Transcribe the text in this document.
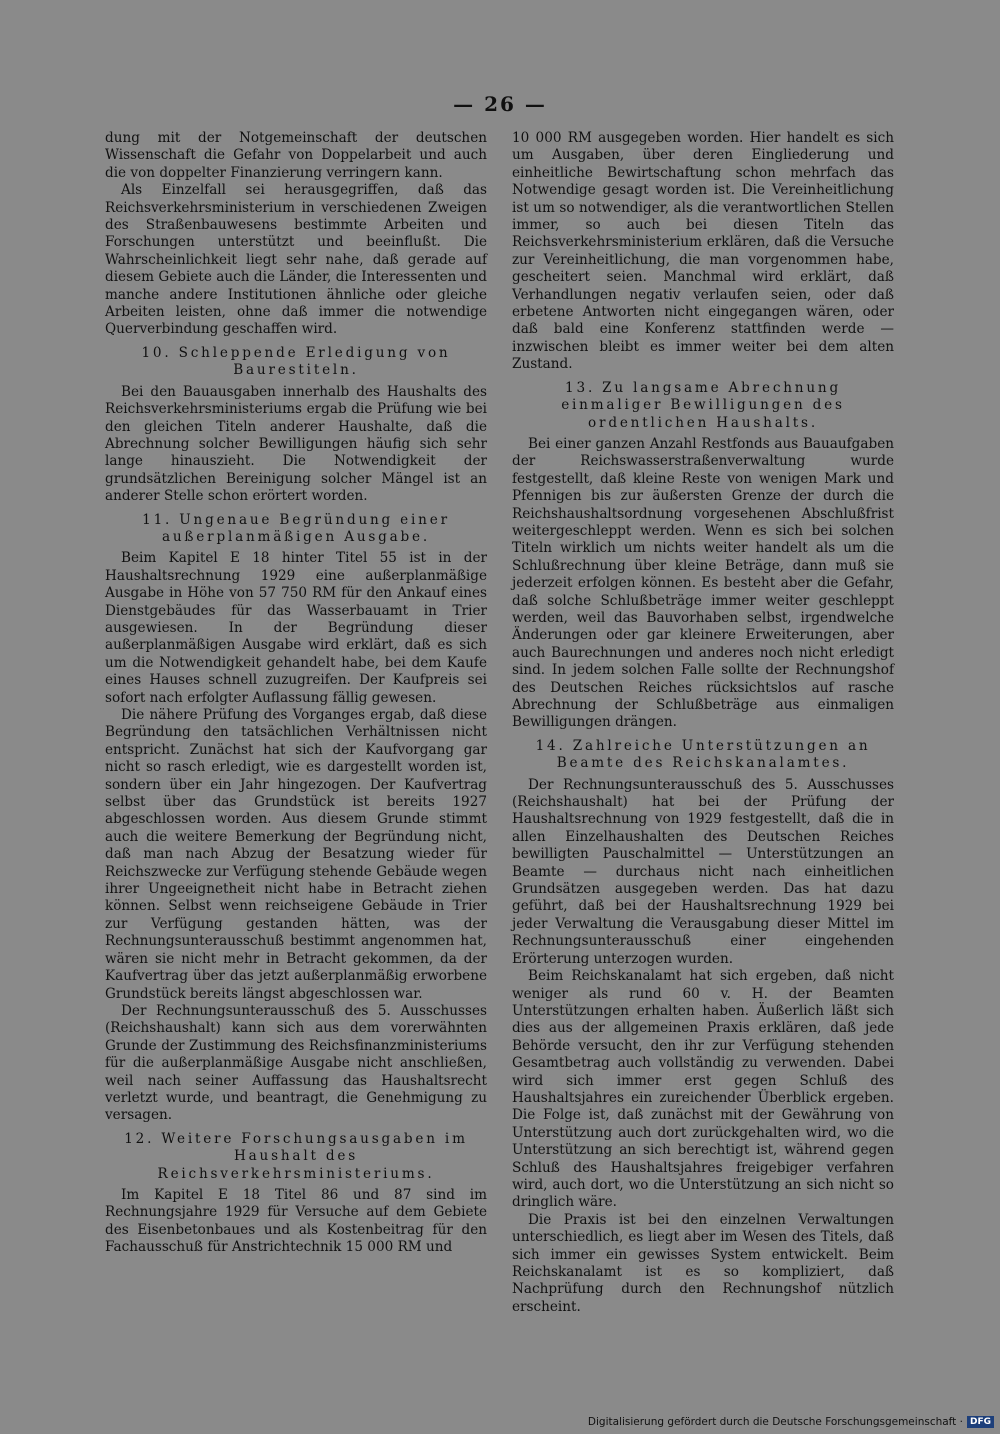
— 26 —

dung mit der Notgemeinschaft der deutschen Wissenschaft die Gefahr von Doppelarbeit und auch die von doppelter Finanzierung verringern kann.

Als Einzelfall sei herausgegriffen, daß das Reichsverkehrsministerium in verschiedenen Zweigen des Straßenbauwesens bestimmte Arbeiten und Forschungen unterstützt und beeinflußt. Die Wahrscheinlichkeit liegt sehr nahe, daß gerade auf diesem Gebiete auch die Länder, die Interessenten und manche andere Institutionen ähnliche oder gleiche Arbeiten leisten, ohne daß immer die notwendige Querverbindung geschaffen wird.

10. Schleppende Erledigung von Baurestiteln.

Bei den Bauausgaben innerhalb des Haushalts des Reichsverkehrsministeriums ergab die Prüfung wie bei den gleichen Titeln anderer Haushalte, daß die Abrechnung solcher Bewilligungen häufig sich sehr lange hinauszieht. Die Notwendigkeit der grundsätzlichen Bereinigung solcher Mängel ist an anderer Stelle schon erörtert worden.

11. Ungenaue Begründung einer außerplanmäßigen Ausgabe.

Beim Kapitel E 18 hinter Titel 55 ist in der Haushaltsrechnung 1929 eine außerplanmäßige Ausgabe in Höhe von 57 750 RM für den Ankauf eines Dienstgebäudes für das Wasserbauamt in Trier ausgewiesen. In der Begründung dieser außerplanmäßigen Ausgabe wird erklärt, daß es sich um die Notwendigkeit gehandelt habe, bei dem Kaufe eines Hauses schnell zuzugreifen. Der Kaufpreis sei sofort nach erfolgter Auflassung fällig gewesen.

Die nähere Prüfung des Vorganges ergab, daß diese Begründung den tatsächlichen Verhältnissen nicht entspricht. Zunächst hat sich der Kaufvorgang gar nicht so rasch erledigt, wie es dargestellt worden ist, sondern über ein Jahr hingezogen. Der Kaufvertrag selbst über das Grundstück ist bereits 1927 abgeschlossen worden. Aus diesem Grunde stimmt auch die weitere Bemerkung der Begründung nicht, daß man nach Abzug der Besatzung wieder für Reichszwecke zur Verfügung stehende Gebäude wegen ihrer Ungeeignetheit nicht habe in Betracht ziehen können. Selbst wenn reichseigene Gebäude in Trier zur Verfügung gestanden hätten, was der Rechnungsunterausschuß bestimmt angenommen hat, wären sie nicht mehr in Betracht gekommen, da der Kaufvertrag über das jetzt außerplanmäßig erworbene Grundstück bereits längst abgeschlossen war.

Der Rechnungsunterausschuß des 5. Ausschusses (Reichshaushalt) kann sich aus dem vorerwähnten Grunde der Zustimmung des Reichsfinanzministeriums für die außerplanmäßige Ausgabe nicht anschließen, weil nach seiner Auffassung das Haushaltsrecht verletzt wurde, und beantragt, die Genehmigung zu versagen.

12. Weitere Forschungsausgaben im Haushalt des Reichsverkehrsministeriums.

Im Kapitel E 18 Titel 86 und 87 sind im Rechnungsjahre 1929 für Versuche auf dem Gebiete des Eisenbetonbaues und als Kostenbeitrag für den Fachausschuß für Anstrichtechnik 15 000 RM und

10 000 RM ausgegeben worden. Hier handelt es sich um Ausgaben, über deren Eingliederung und einheitliche Bewirtschaftung schon mehrfach das Notwendige gesagt worden ist. Die Vereinheitlichung ist um so notwendiger, als die verantwortlichen Stellen immer, so auch bei diesen Titeln das Reichsverkehrsministerium erklären, daß die Versuche zur Vereinheitlichung, die man vorgenommen habe, gescheitert seien. Manchmal wird erklärt, daß Verhandlungen negativ verlaufen seien, oder daß erbetene Antworten nicht eingegangen wären, oder daß bald eine Konferenz stattfinden werde — inzwischen bleibt es immer weiter bei dem alten Zustand.

13. Zu langsame Abrechnung einmaliger Bewilligungen des ordentlichen Haushalts.

Bei einer ganzen Anzahl Restfonds aus Bauaufgaben der Reichswasserstraßenverwaltung wurde festgestellt, daß kleine Reste von wenigen Mark und Pfennigen bis zur äußersten Grenze der durch die Reichshaushaltsordnung vorgesehenen Abschlußfrist weitergeschleppt werden. Wenn es sich bei solchen Titeln wirklich um nichts weiter handelt als um die Schlußrechnung über kleine Beträge, dann muß sie jederzeit erfolgen können. Es besteht aber die Gefahr, daß solche Schlußbeträge immer weiter geschleppt werden, weil das Bauvorhaben selbst, irgendwelche Änderungen oder gar kleinere Erweiterungen, aber auch Baurechnungen und anderes noch nicht erledigt sind. In jedem solchen Falle sollte der Rechnungshof des Deutschen Reiches rücksichtslos auf rasche Abrechnung der Schlußbeträge aus einmaligen Bewilligungen drängen.

14. Zahlreiche Unterstützungen an Beamte des Reichskanalamtes.

Der Rechnungsunterausschuß des 5. Ausschusses (Reichshaushalt) hat bei der Prüfung der Haushaltsrechnung von 1929 festgestellt, daß die in allen Einzelhaushalten des Deutschen Reiches bewilligten Pauschalmittel — Unterstützungen an Beamte — durchaus nicht nach einheitlichen Grundsätzen ausgegeben werden. Das hat dazu geführt, daß bei der Haushaltsrechnung 1929 bei jeder Verwaltung die Verausgabung dieser Mittel im Rechnungsunterausschuß einer eingehenden Erörterung unterzogen wurden.

Beim Reichskanalamt hat sich ergeben, daß nicht weniger als rund 60 v. H. der Beamten Unterstützungen erhalten haben. Äußerlich läßt sich dies aus der allgemeinen Praxis erklären, daß jede Behörde versucht, den ihr zur Verfügung stehenden Gesamtbetrag auch vollständig zu verwenden. Dabei wird sich immer erst gegen Schluß des Haushaltsjahres ein zureichender Überblick ergeben. Die Folge ist, daß zunächst mit der Gewährung von Unterstützung auch dort zurückgehalten wird, wo die Unterstützung an sich berechtigt ist, während gegen Schluß des Haushaltsjahres freigebiger verfahren wird, auch dort, wo die Unterstützung an sich nicht so dringlich wäre.

Die Praxis ist bei den einzelnen Verwaltungen unterschiedlich, es liegt aber im Wesen des Titels, daß sich immer ein gewisses System entwickelt. Beim Reichskanalamt ist es so kompliziert, daß Nachprüfung durch den Rechnungshof nützlich erscheint.

Digitalisierung gefördert durch die Deutsche Forschungsgemeinschaft · DFG
